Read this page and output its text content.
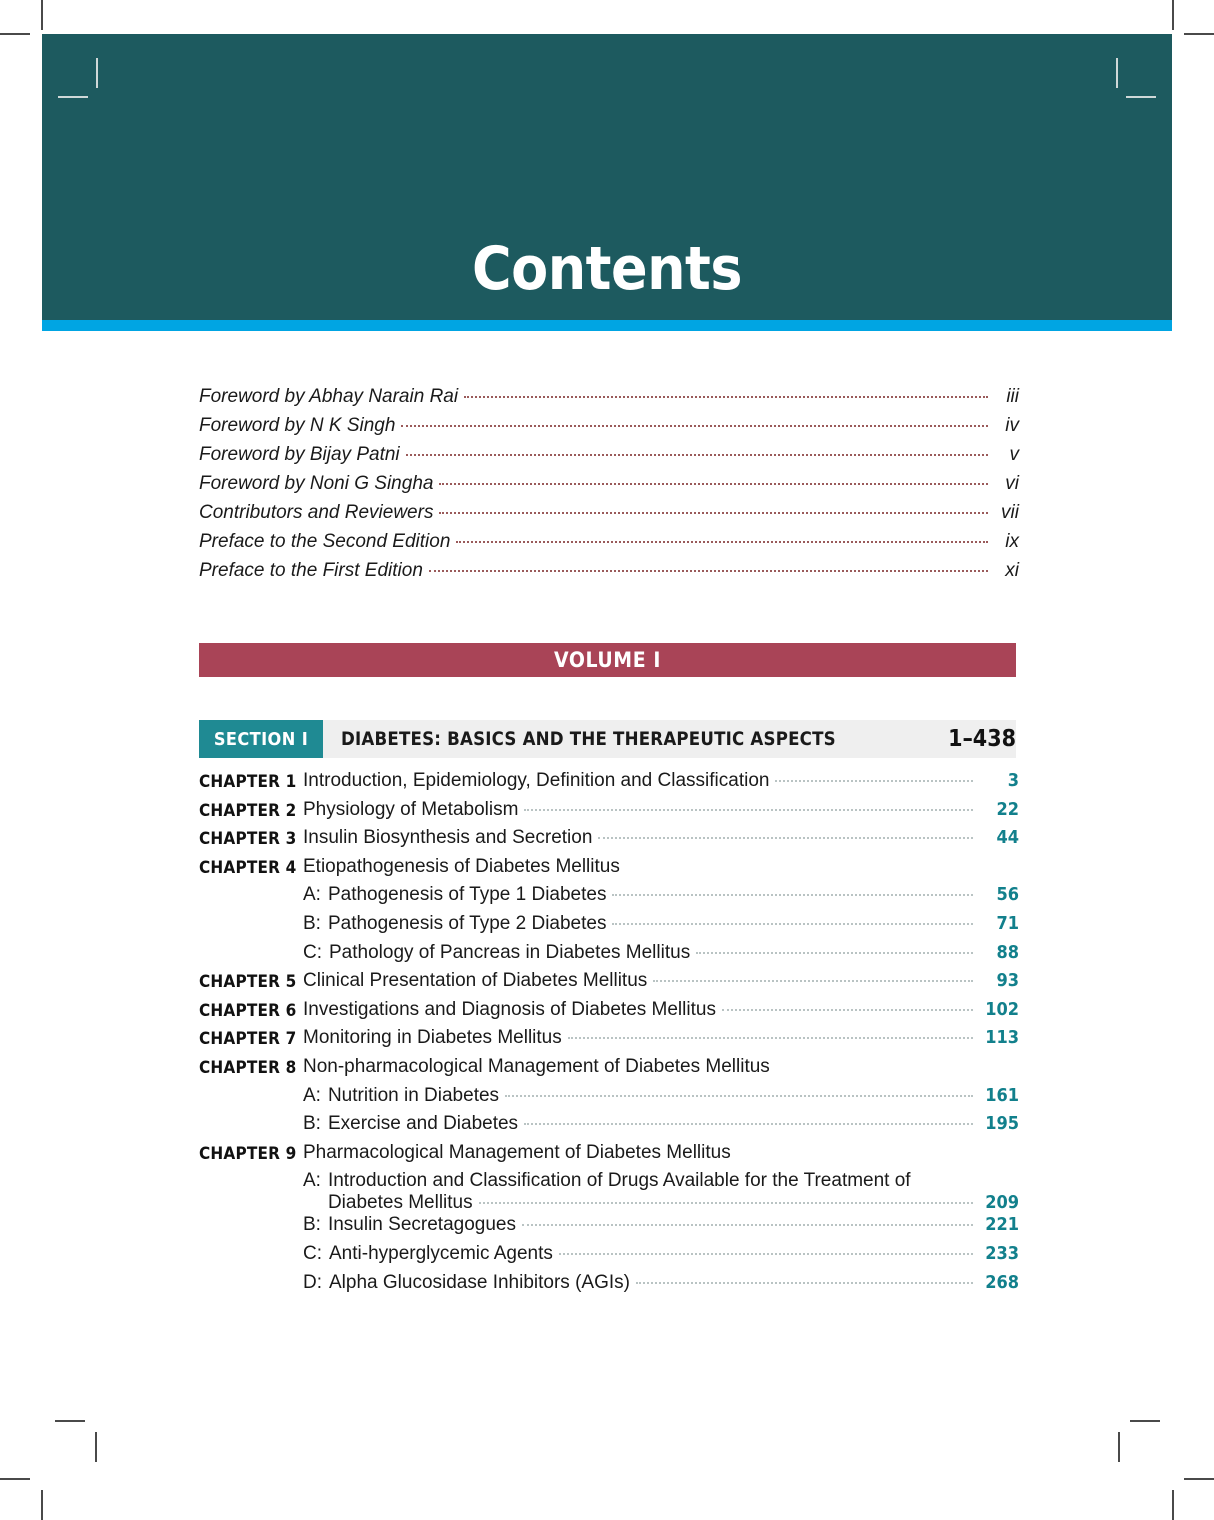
Contents
Foreword by Abhay Narain Rai	iii
Foreword by N K Singh	iv
Foreword by Bijay Patni	v
Foreword by Noni G Singha	vi
Contributors and Reviewers	vii
Preface to the Second Edition	ix
Preface to the First Edition	xi
VOLUME I
SECTION I	DIABETES: BASICS AND THE THERAPEUTIC ASPECTS	1–438
CHAPTER 1 Introduction, Epidemiology, Definition and Classification	3
CHAPTER 2 Physiology of Metabolism	22
CHAPTER 3 Insulin Biosynthesis and Secretion	44
CHAPTER 4 Etiopathogenesis of Diabetes Mellitus
A: Pathogenesis of Type 1 Diabetes	56
B: Pathogenesis of Type 2 Diabetes	71
C: Pathology of Pancreas in Diabetes Mellitus	88
CHAPTER 5 Clinical Presentation of Diabetes Mellitus	93
CHAPTER 6 Investigations and Diagnosis of Diabetes Mellitus	102
CHAPTER 7 Monitoring in Diabetes Mellitus	113
CHAPTER 8 Non-pharmacological Management of Diabetes Mellitus
A: Nutrition in Diabetes	161
B: Exercise and Diabetes	195
CHAPTER 9 Pharmacological Management of Diabetes Mellitus
A: Introduction and Classification of Drugs Available for the Treatment of
Diabetes Mellitus	209
B: Insulin Secretagogues	221
C: Anti-hyperglycemic Agents	233
D: Alpha Glucosidase Inhibitors (AGIs)	268
